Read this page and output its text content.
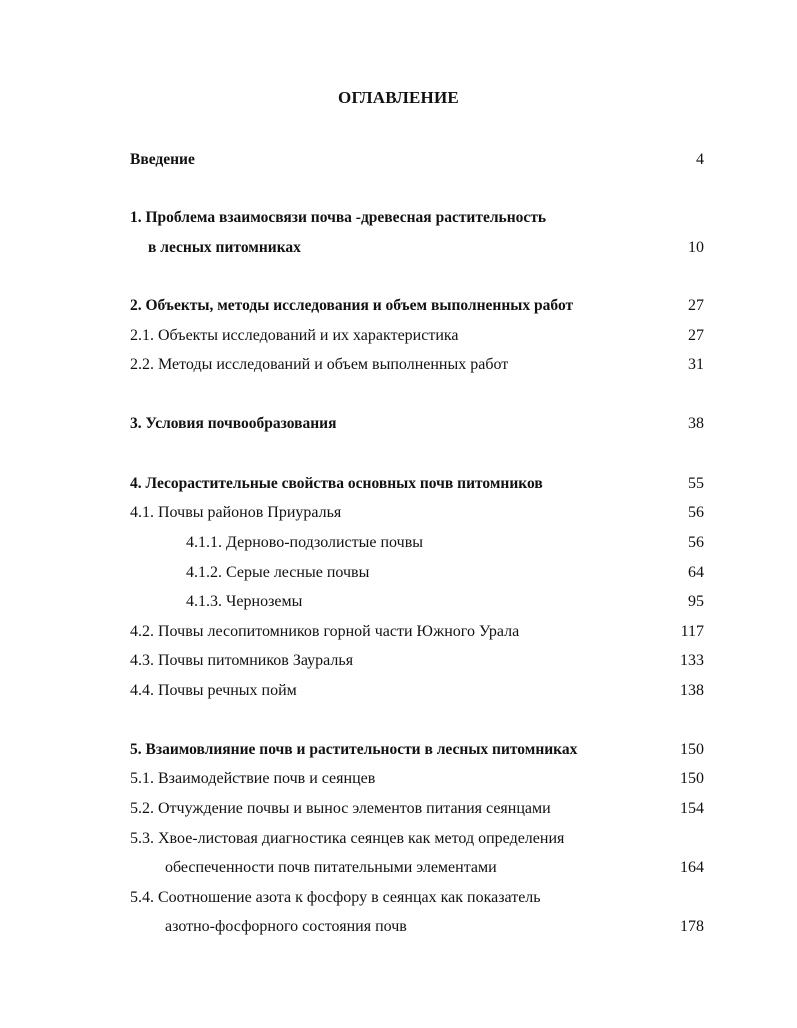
ОГЛАВЛЕНИЕ
Введение	4
1. Проблема взаимосвязи почва -древесная растительность
в лесных питомниках	10
2. Объекты, методы исследования и объем выполненных работ	27
2.1. Объекты исследований и их характеристика	27
2.2. Методы исследований и объем выполненных работ	31
3. Условия почвообразования	38
4. Лесорастительные свойства основных почв питомников	55
4.1. Почвы районов Приуралья	56
4.1.1. Дерново-подзолистые почвы	56
4.1.2. Серые лесные почвы	64
4.1.3. Черноземы	95
4.2. Почвы лесопитомников горной части Южного Урала	117
4.3. Почвы питомников Зауралья	133
4.4. Почвы речных пойм	138
5. Взаимовлияние почв и растительности в лесных питомниках	150
5.1. Взаимодействие почв и сеянцев	150
5.2. Отчуждение почвы и вынос элементов питания сеянцами	154
5.3. Хвое-листовая диагностика сеянцев как метод определения
обеспеченности почв питательными элементами	164
5.4. Соотношение азота к фосфору в сеянцах как показатель
азотно-фосфорного состояния почв	178
